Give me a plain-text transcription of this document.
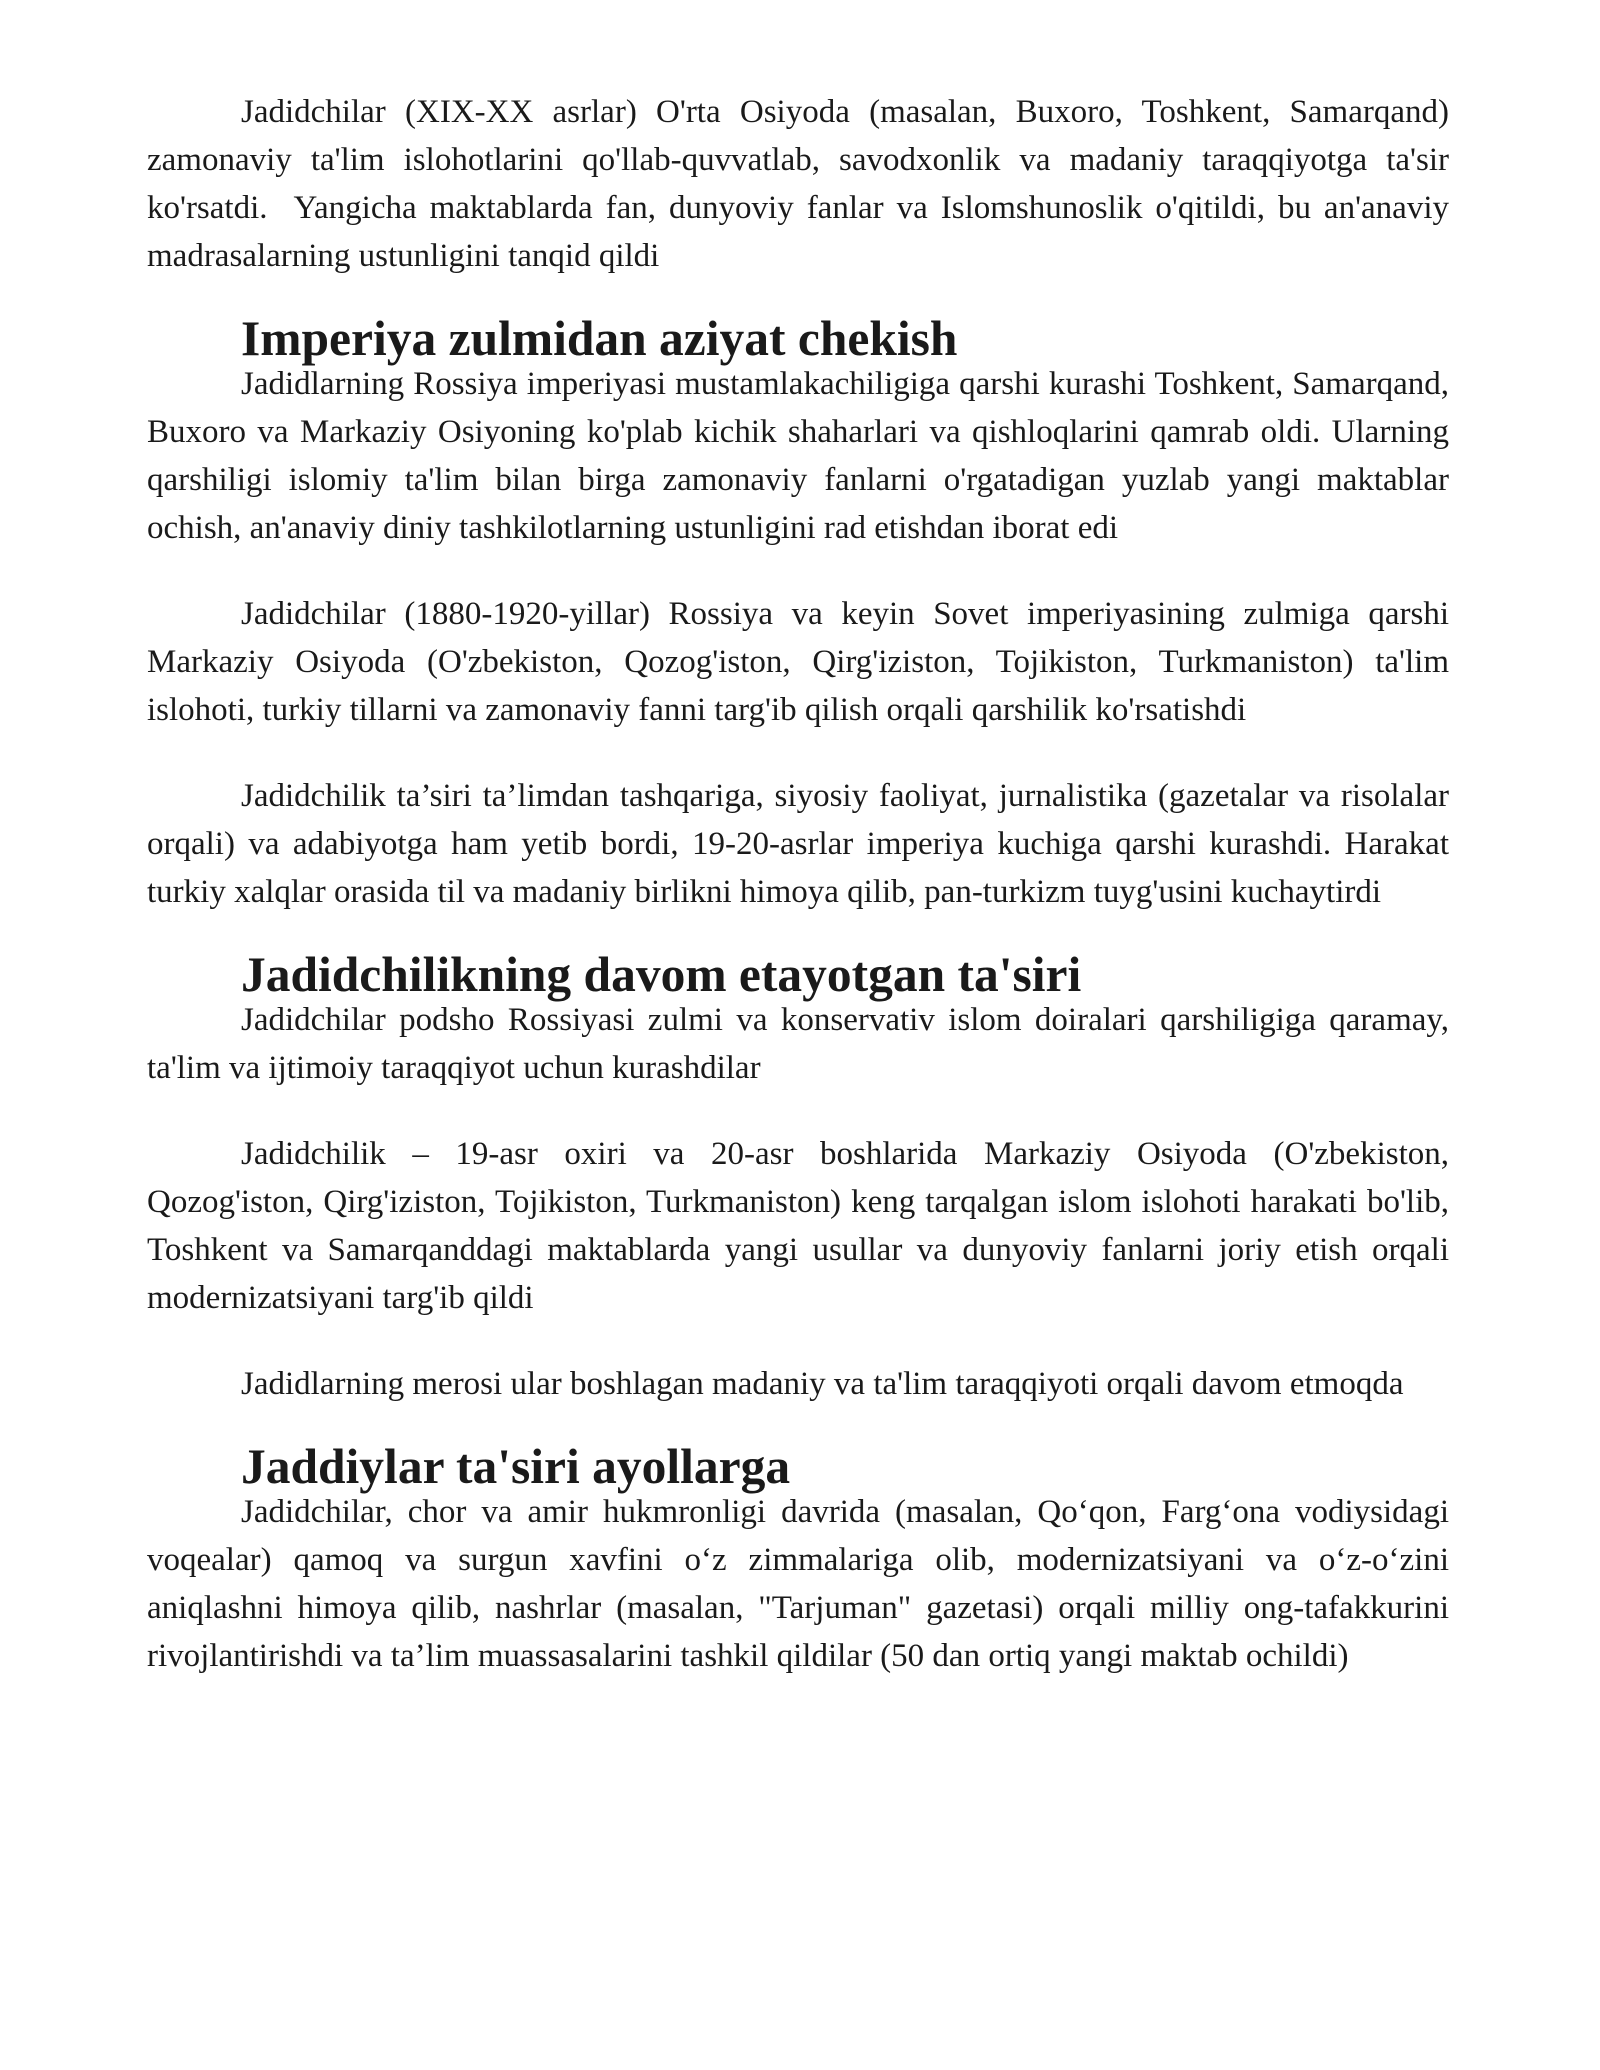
Jadidchilar (XIX-XX asrlar) O'rta Osiyoda (masalan, Buxoro, Toshkent, Samarqand) zamonaviy ta'lim islohotlarini qo'llab-quvvatlab, savodxonlik va madaniy taraqqiyotga ta'sir ko'rsatdi.  Yangicha maktablarda fan, dunyoviy fanlar va Islomshunoslik o'qitildi, bu an'anaviy madrasalarning ustunligini tanqid qildi

Imperiya zulmidan aziyat chekish

Jadidlarning Rossiya imperiyasi mustamlakachiligiga qarshi kurashi Toshkent, Samarqand, Buxoro va Markaziy Osiyoning ko'plab kichik shaharlari va qishloqlarini qamrab oldi. Ularning qarshiligi islomiy ta'lim bilan birga zamonaviy fanlarni o'rgatadigan yuzlab yangi maktablar ochish, an'anaviy diniy tashkilotlarning ustunligini rad etishdan iborat edi

Jadidchilar (1880-1920-yillar) Rossiya va keyin Sovet imperiyasining zulmiga qarshi Markaziy Osiyoda (O'zbekiston, Qozog'iston, Qirg'iziston, Tojikiston, Turkmaniston) ta'lim islohoti, turkiy tillarni va zamonaviy fanni targ'ib qilish orqali qarshilik ko'rsatishdi

Jadidchilik ta’siri ta’limdan tashqariga, siyosiy faoliyat, jurnalistika (gazetalar va risolalar orqali) va adabiyotga ham yetib bordi, 19-20-asrlar imperiya kuchiga qarshi kurashdi. Harakat turkiy xalqlar orasida til va madaniy birlikni himoya qilib, pan-turkizm tuyg'usini kuchaytirdi

Jadidchilikning davom etayotgan ta'siri

Jadidchilar podsho Rossiyasi zulmi va konservativ islom doiralari qarshiligiga qaramay, ta'lim va ijtimoiy taraqqiyot uchun kurashdilar

Jadidchilik – 19-asr oxiri va 20-asr boshlarida Markaziy Osiyoda (O'zbekiston, Qozog'iston, Qirg'iziston, Tojikiston, Turkmaniston) keng tarqalgan islom islohoti harakati bo'lib, Toshkent va Samarqanddagi maktablarda yangi usullar va dunyoviy fanlarni joriy etish orqali modernizatsiyani targ'ib qildi

Jadidlarning merosi ular boshlagan madaniy va ta'lim taraqqiyoti orqali davom etmoqda

Jaddiylar ta'siri ayollarga

Jadidchilar, chor va amir hukmronligi davrida (masalan, Qo‘qon, Farg‘ona vodiysidagi voqealar) qamoq va surgun xavfini o‘z zimmalariga olib, modernizatsiyani va o‘z-o‘zini aniqlashni himoya qilib, nashrlar (masalan, "Tarjuman" gazetasi) orqali milliy ong-tafakkurini rivojlantirishdi va ta’lim muassasalarini tashkil qildilar (50 dan ortiq yangi maktab ochildi)
